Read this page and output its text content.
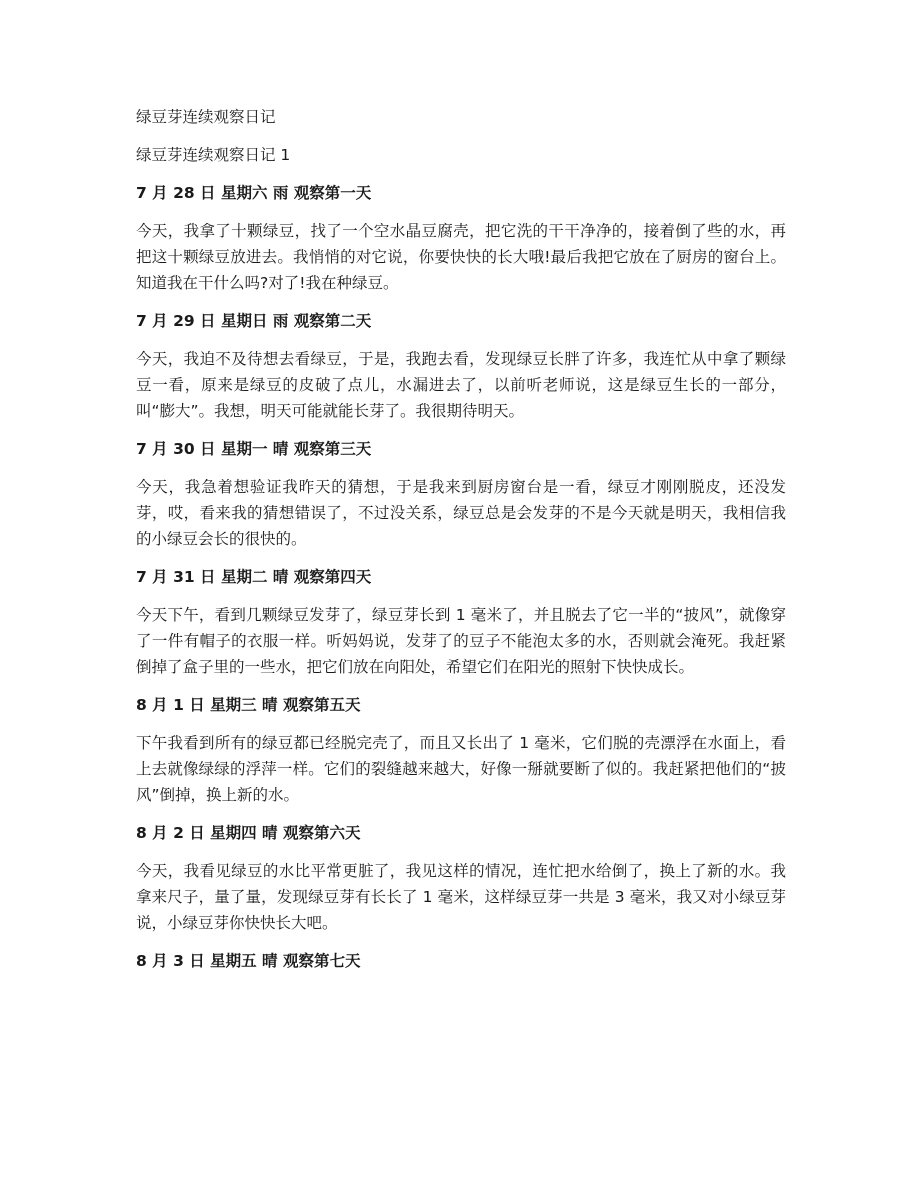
绿豆芽连续观察日记
绿豆芽连续观察日记 1
7 月 28 日 星期六 雨 观察第一天
今天，我拿了十颗绿豆，找了一个空水晶豆腐壳，把它洗的干干净净的，接着倒了些的水，再把这十颗绿豆放进去。我悄悄的对它说，你要快快的长大哦!最后我把它放在了厨房的窗台上。知道我在干什么吗?对了!我在种绿豆。
7 月 29 日 星期日 雨 观察第二天
今天，我迫不及待想去看绿豆，于是，我跑去看，发现绿豆长胖了许多，我连忙从中拿了颗绿豆一看，原来是绿豆的皮破了点儿，水漏进去了，以前听老师说，这是绿豆生长的一部分，叫“膨大”。我想，明天可能就能长芽了。我很期待明天。
7 月 30 日 星期一 晴 观察第三天
今天，我急着想验证我昨天的猜想，于是我来到厨房窗台是一看，绿豆才刚刚脱皮，还没发芽，哎，看来我的猜想错误了，不过没关系，绿豆总是会发芽的不是今天就是明天，我相信我的小绿豆会长的很快的。
7 月 31 日 星期二 晴 观察第四天
今天下午，看到几颗绿豆发芽了，绿豆芽长到 1 毫米了，并且脱去了它一半的“披风”，就像穿了一件有帽子的衣服一样。听妈妈说，发芽了的豆子不能泡太多的水，否则就会淹死。我赶紧倒掉了盒子里的一些水，把它们放在向阳处，希望它们在阳光的照射下快快成长。
8 月 1 日 星期三 晴 观察第五天
下午我看到所有的绿豆都已经脱完壳了，而且又长出了 1 毫米，它们脱的壳漂浮在水面上，看上去就像绿绿的浮萍一样。它们的裂缝越来越大，好像一掰就要断了似的。我赶紧把他们的“披风”倒掉，换上新的水。
8 月 2 日 星期四 晴 观察第六天
今天，我看见绿豆的水比平常更脏了，我见这样的情况，连忙把水给倒了，换上了新的水。我拿来尺子，量了量，发现绿豆芽有长长了 1 毫米，这样绿豆芽一共是 3 毫米，我又对小绿豆芽说，小绿豆芽你快快长大吧。
8 月 3 日 星期五 晴 观察第七天
